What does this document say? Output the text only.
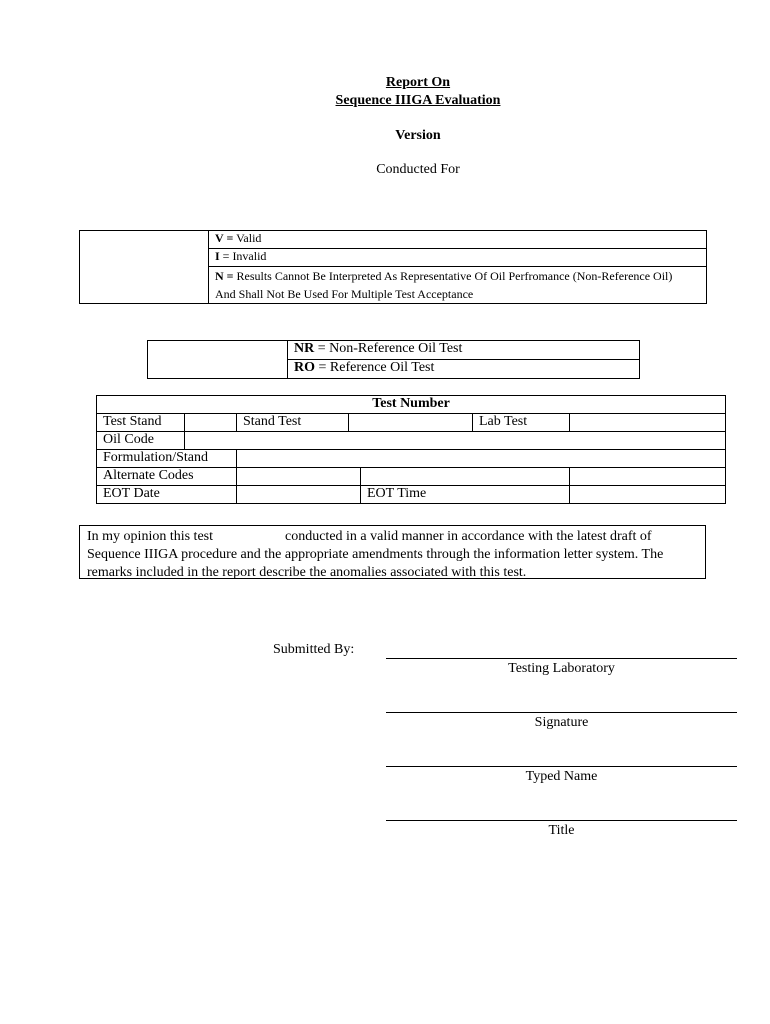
Report On
Sequence IIIGA Evaluation
Version
Conducted For
	V = Valid
I = Invalid
N = Results Cannot Be Interpreted As Representative Of Oil Perfromance (Non-Reference Oil) And Shall Not Be Used For Multiple Test Acceptance
	NR = Non-Reference Oil Test
RO = Reference Oil Test
Test Number						
Test Stand		Stand Test			Lab Test	
Oil Code						
Formulation/Stand						
Alternate Codes						
EOT Date				EOT Time		
In my opinion this test	conducted in a valid manner in accordance with the latest draft of Sequence IIIGA procedure and the appropriate amendments through the information letter system. The remarks included in the report describe the anomalies associated with this test.
Submitted By:
Testing Laboratory
Signature
Typed Name
Title
